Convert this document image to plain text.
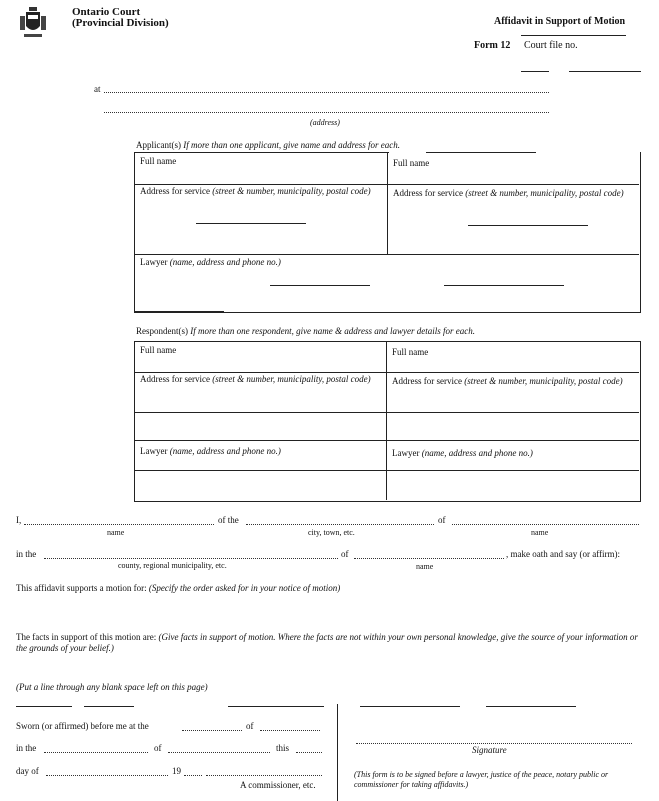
Ontario Court
(Provincial Division)	Affidavit in Support of Motion
Form 12 Court file no.
at
(address)
Applicant(s) If more than one applicant, give name and address for each.
Full name	Full name
Address for service (street & number, municipality, postal code)	Address for service (street & number, municipality, postal code)
Lawyer (name, address and phone no.)
Respondent(s) If more than one respondent, give name & address and lawyer details for each.
Full name	Full name
Address for service (street & number, municipality, postal code)	Address for service (street & number, municipality, postal code)
Lawyer (name, address and phone no.)	Lawyer (name, address and phone no.)
I,	of the	of
name	city, town, etc.	name
in the	of	, make oath and say (or affirm):
county, regional municipality, etc.	name
This affidavit supports a motion for: (Specify the order asked for in your notice of motion)
The facts in support of this motion are: (Give facts in support of motion. Where the facts are not within your own personal knowledge, give the source of your information or the grounds of your belief.)
(Put a line through any blank space left on this page)
Sworn (or affirmed) before me at the	of
in the	of	this
day of	19
A commissioner, etc.
Signature
(This form is to be signed before a lawyer, justice of the peace, notary public or commissioner for taking affidavits.)
